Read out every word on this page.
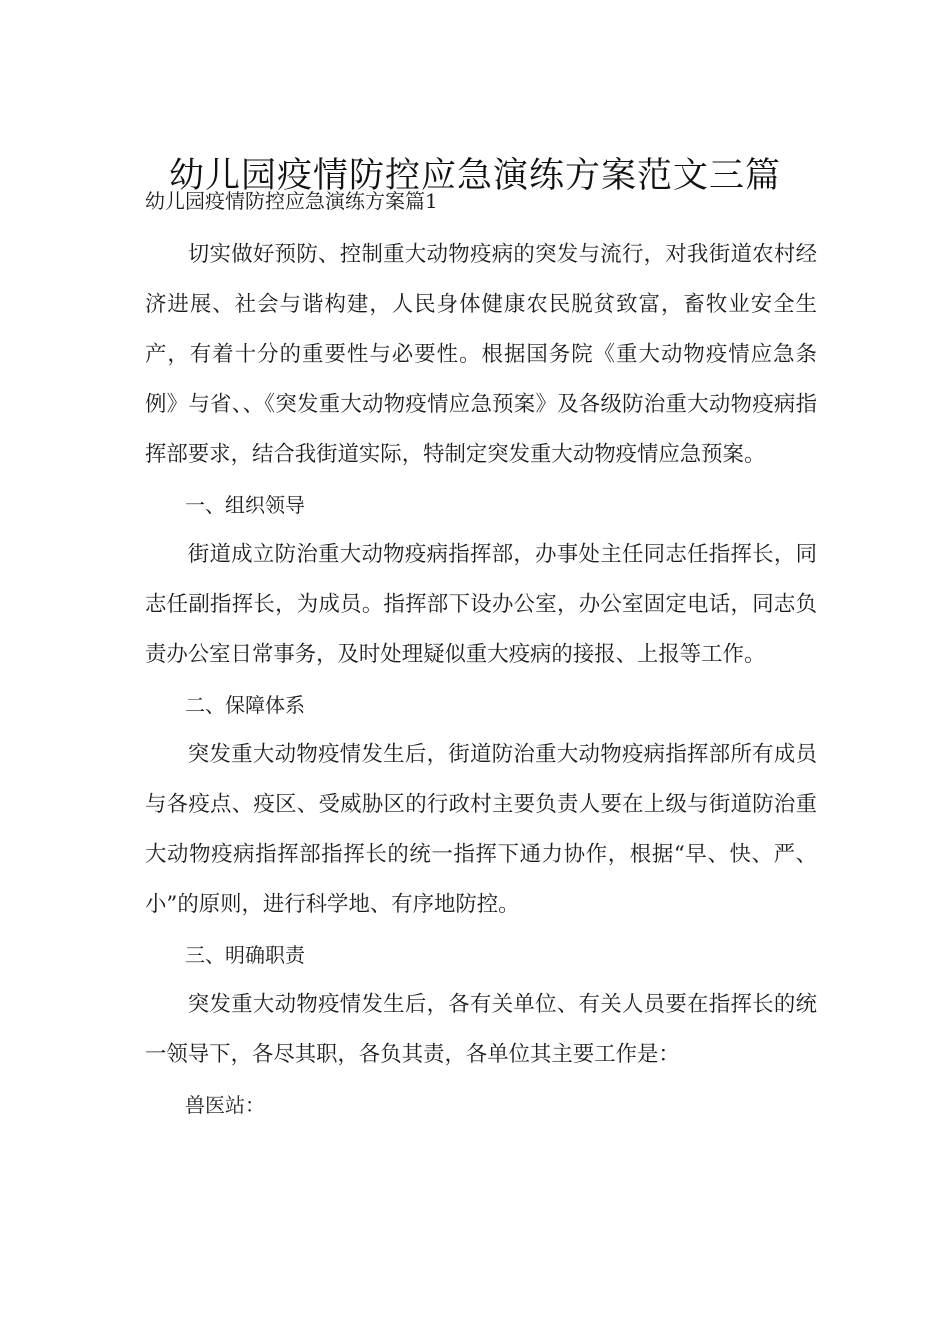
幼儿园疫情防控应急演练方案范文三篇
幼儿园疫情防控应急演练方案篇1

切实做好预防、控制重大动物疫病的突发与流行，对我街道农村经济进展、社会与谐构建，人民身体健康农民脱贫致富，畜牧业安全生产，有着十分的重要性与必要性。根据国务院《重大动物疫情应急条例》与省、、《突发重大动物疫情应急预案》及各级防治重大动物疫病指挥部要求，结合我街道实际，特制定突发重大动物疫情应急预案。

一、组织领导

街道成立防治重大动物疫病指挥部，办事处主任同志任指挥长，同志任副指挥长，为成员。指挥部下设办公室，办公室固定电话，同志负责办公室日常事务，及时处理疑似重大疫病的接报、上报等工作。

二、保障体系

突发重大动物疫情发生后，街道防治重大动物疫病指挥部所有成员与各疫点、疫区、受威胁区的行政村主要负责人要在上级与街道防治重大动物疫病指挥部指挥长的统一指挥下通力协作，根据“早、快、严、小”的原则，进行科学地、有序地防控。

三、明确职责

突发重大动物疫情发生后，各有关单位、有关人员要在指挥长的统一领导下，各尽其职，各负其责，各单位其主要工作是：

兽医站：
